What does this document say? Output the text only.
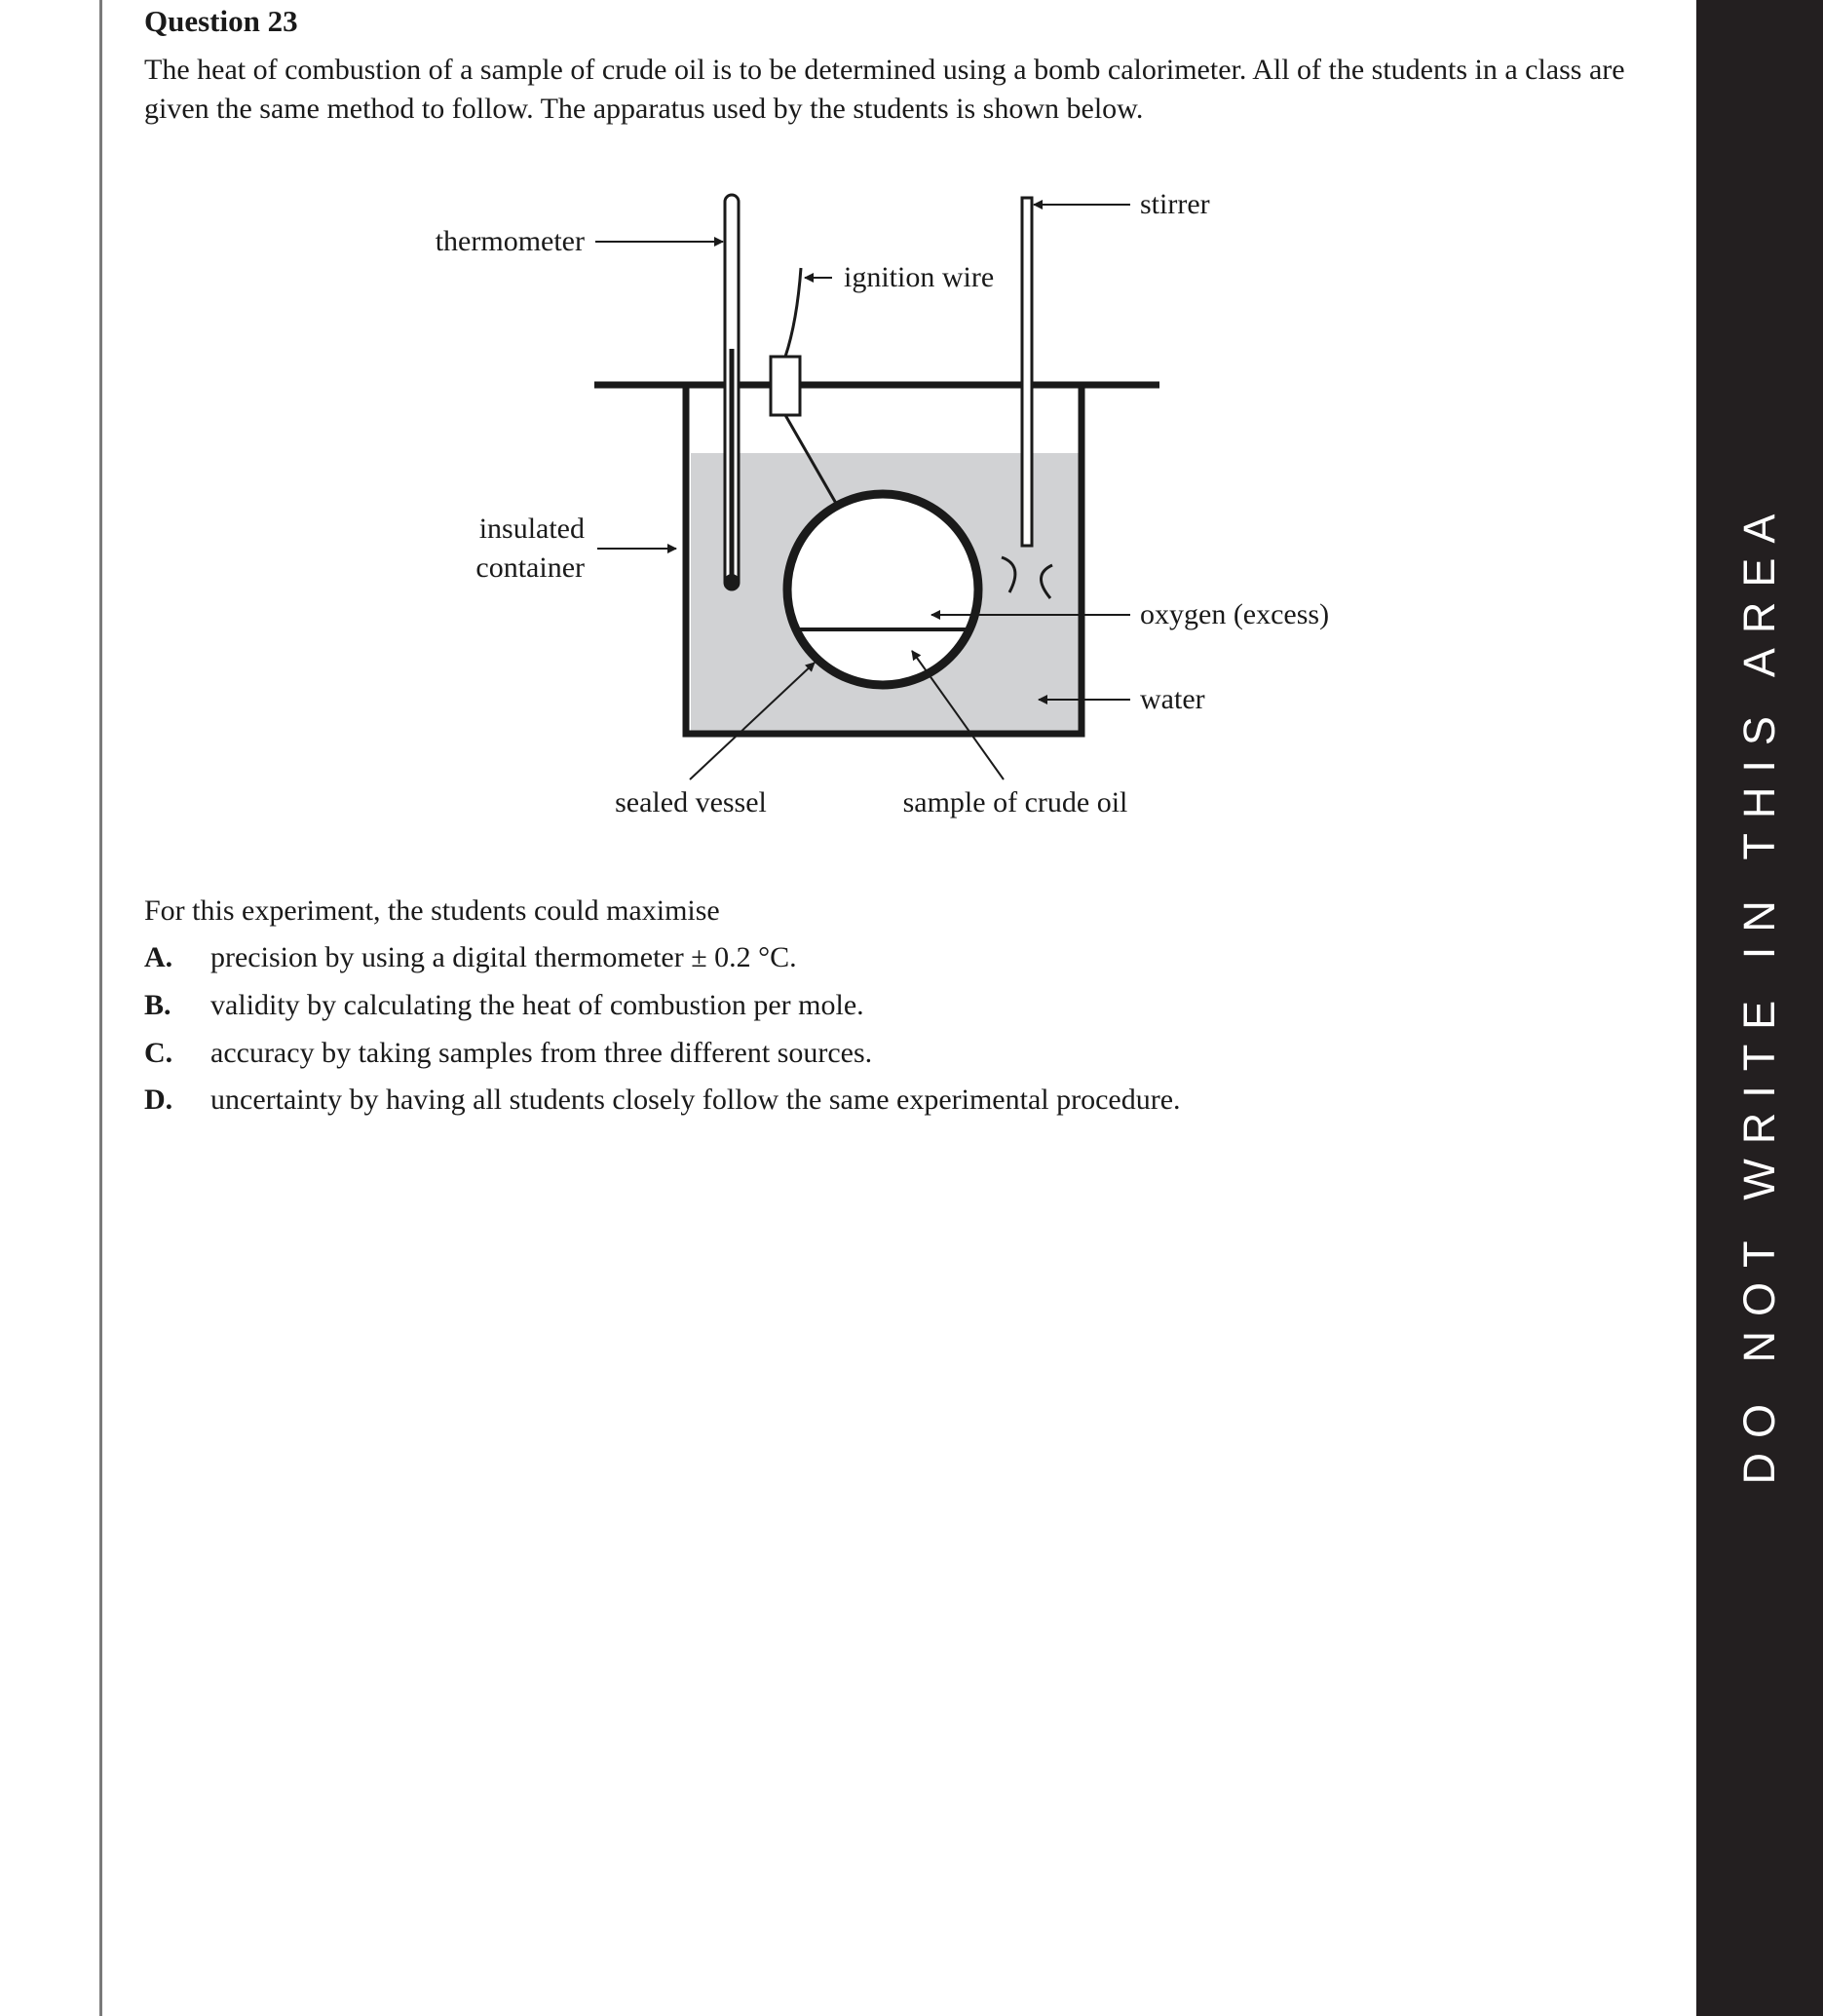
Question 23
The heat of combustion of a sample of crude oil is to be determined using a bomb calorimeter. All of the students in a class are given the same method to follow. The apparatus used by the students is shown below.
thermometer
ignition wire
stirrer
insulated
container
oxygen (excess)
water
sealed vessel	sample of crude oil
For this experiment, the students could maximise
A. precision by using a digital thermometer ± 0.2 °C.
B. validity by calculating the heat of combustion per mole.
C. accuracy by taking samples from three different sources.
D. uncertainty by having all students closely follow the same experimental procedure.	DO NOT WRITE IN THIS AREA
